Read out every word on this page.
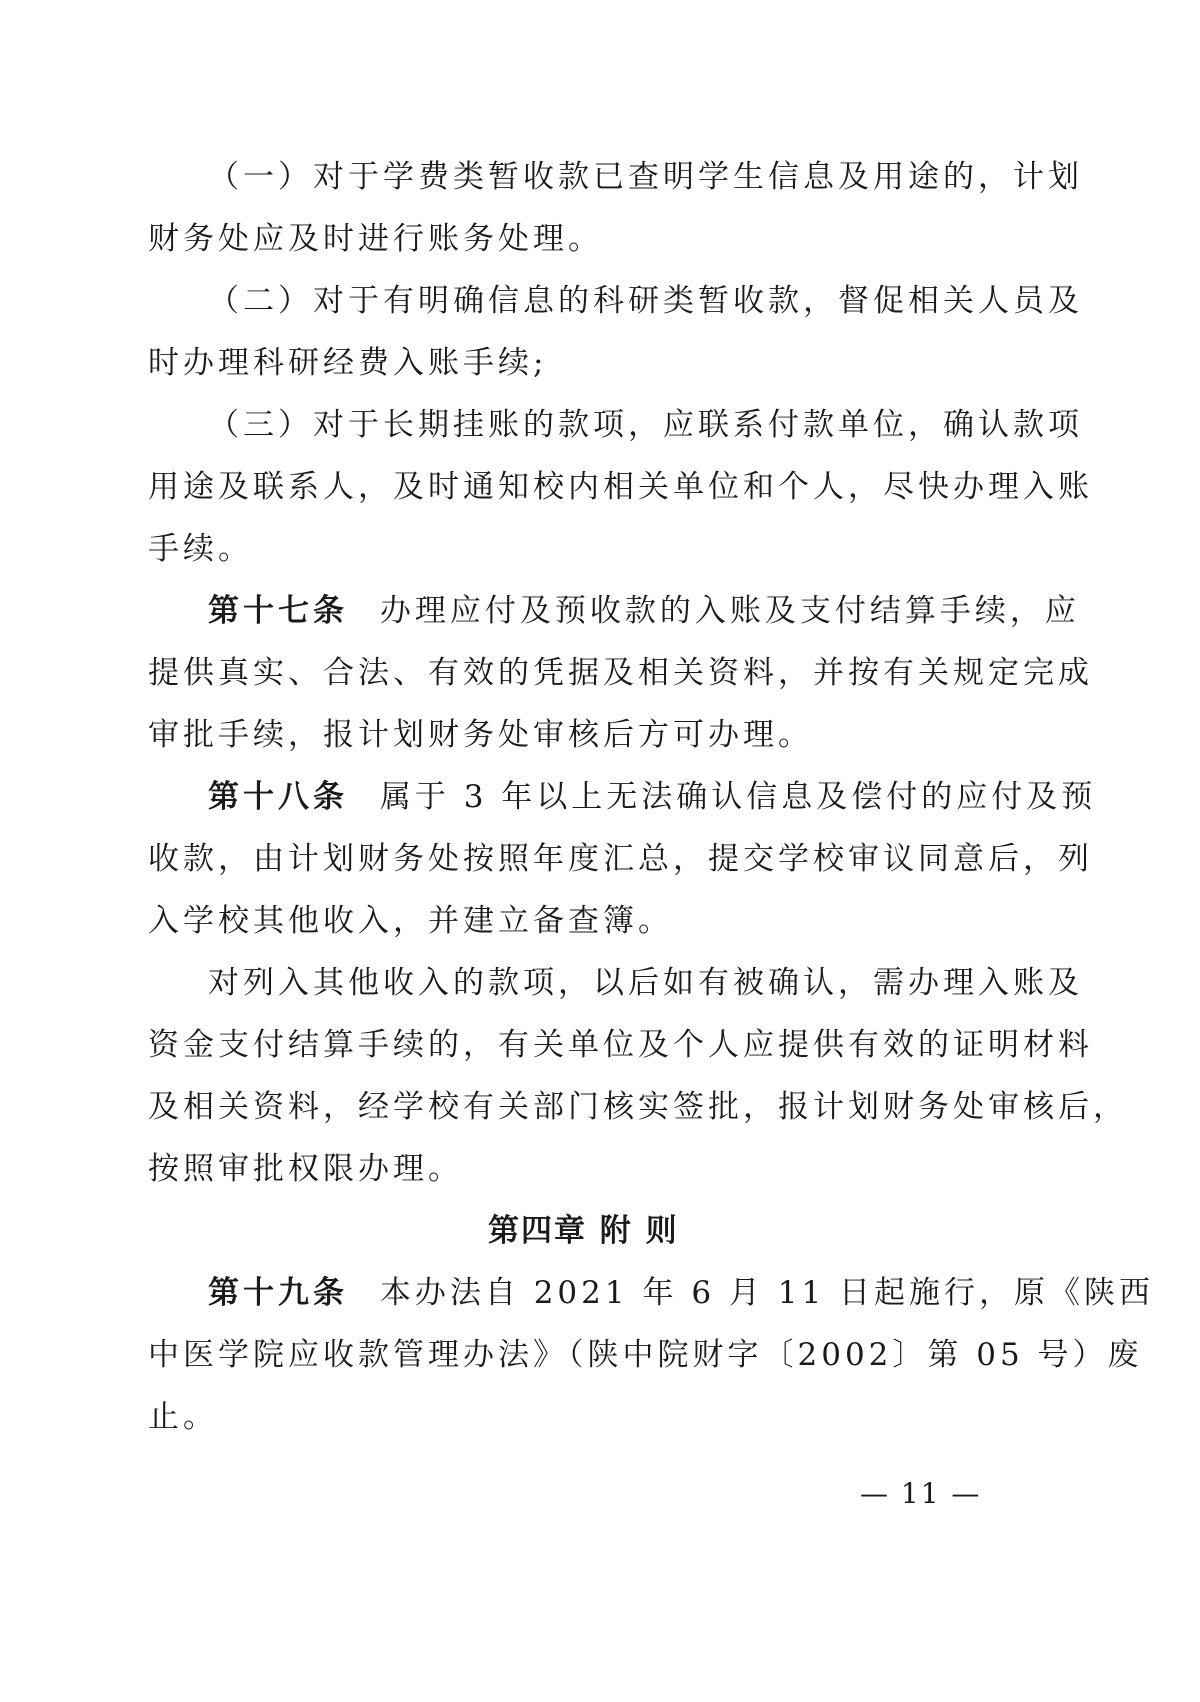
（一）对于学费类暂收款已查明学生信息及用途的，计划
财务处应及时进行账务处理。
（二）对于有明确信息的科研类暂收款，督促相关人员及
时办理科研经费入账手续;
（三）对于长期挂账的款项，应联系付款单位，确认款项
用途及联系人，及时通知校内相关单位和个人，尽快办理入账
手续。
第十七条 办理应付及预收款的入账及支付结算手续，应
提供真实、合法、有效的凭据及相关资料，并按有关规定完成
审批手续，报计划财务处审核后方可办理。
第十八条 属于 3 年以上无法确认信息及偿付的应付及预
收款，由计划财务处按照年度汇总，提交学校审议同意后，列
入学校其他收入，并建立备查簿。
对列入其他收入的款项，以后如有被确认，需办理入账及
资金支付结算手续的，有关单位及个人应提供有效的证明材料
及相关资料，经学校有关部门核实签批，报计划财务处审核后，
按照审批权限办理。
第四章 附 则
第十九条 本办法自 2021 年 6 月 11 日起施行，原《陕西
中医学院应收款管理办法》（陕中院财字〔2002〕第 05 号）废
止。
— 11 —
